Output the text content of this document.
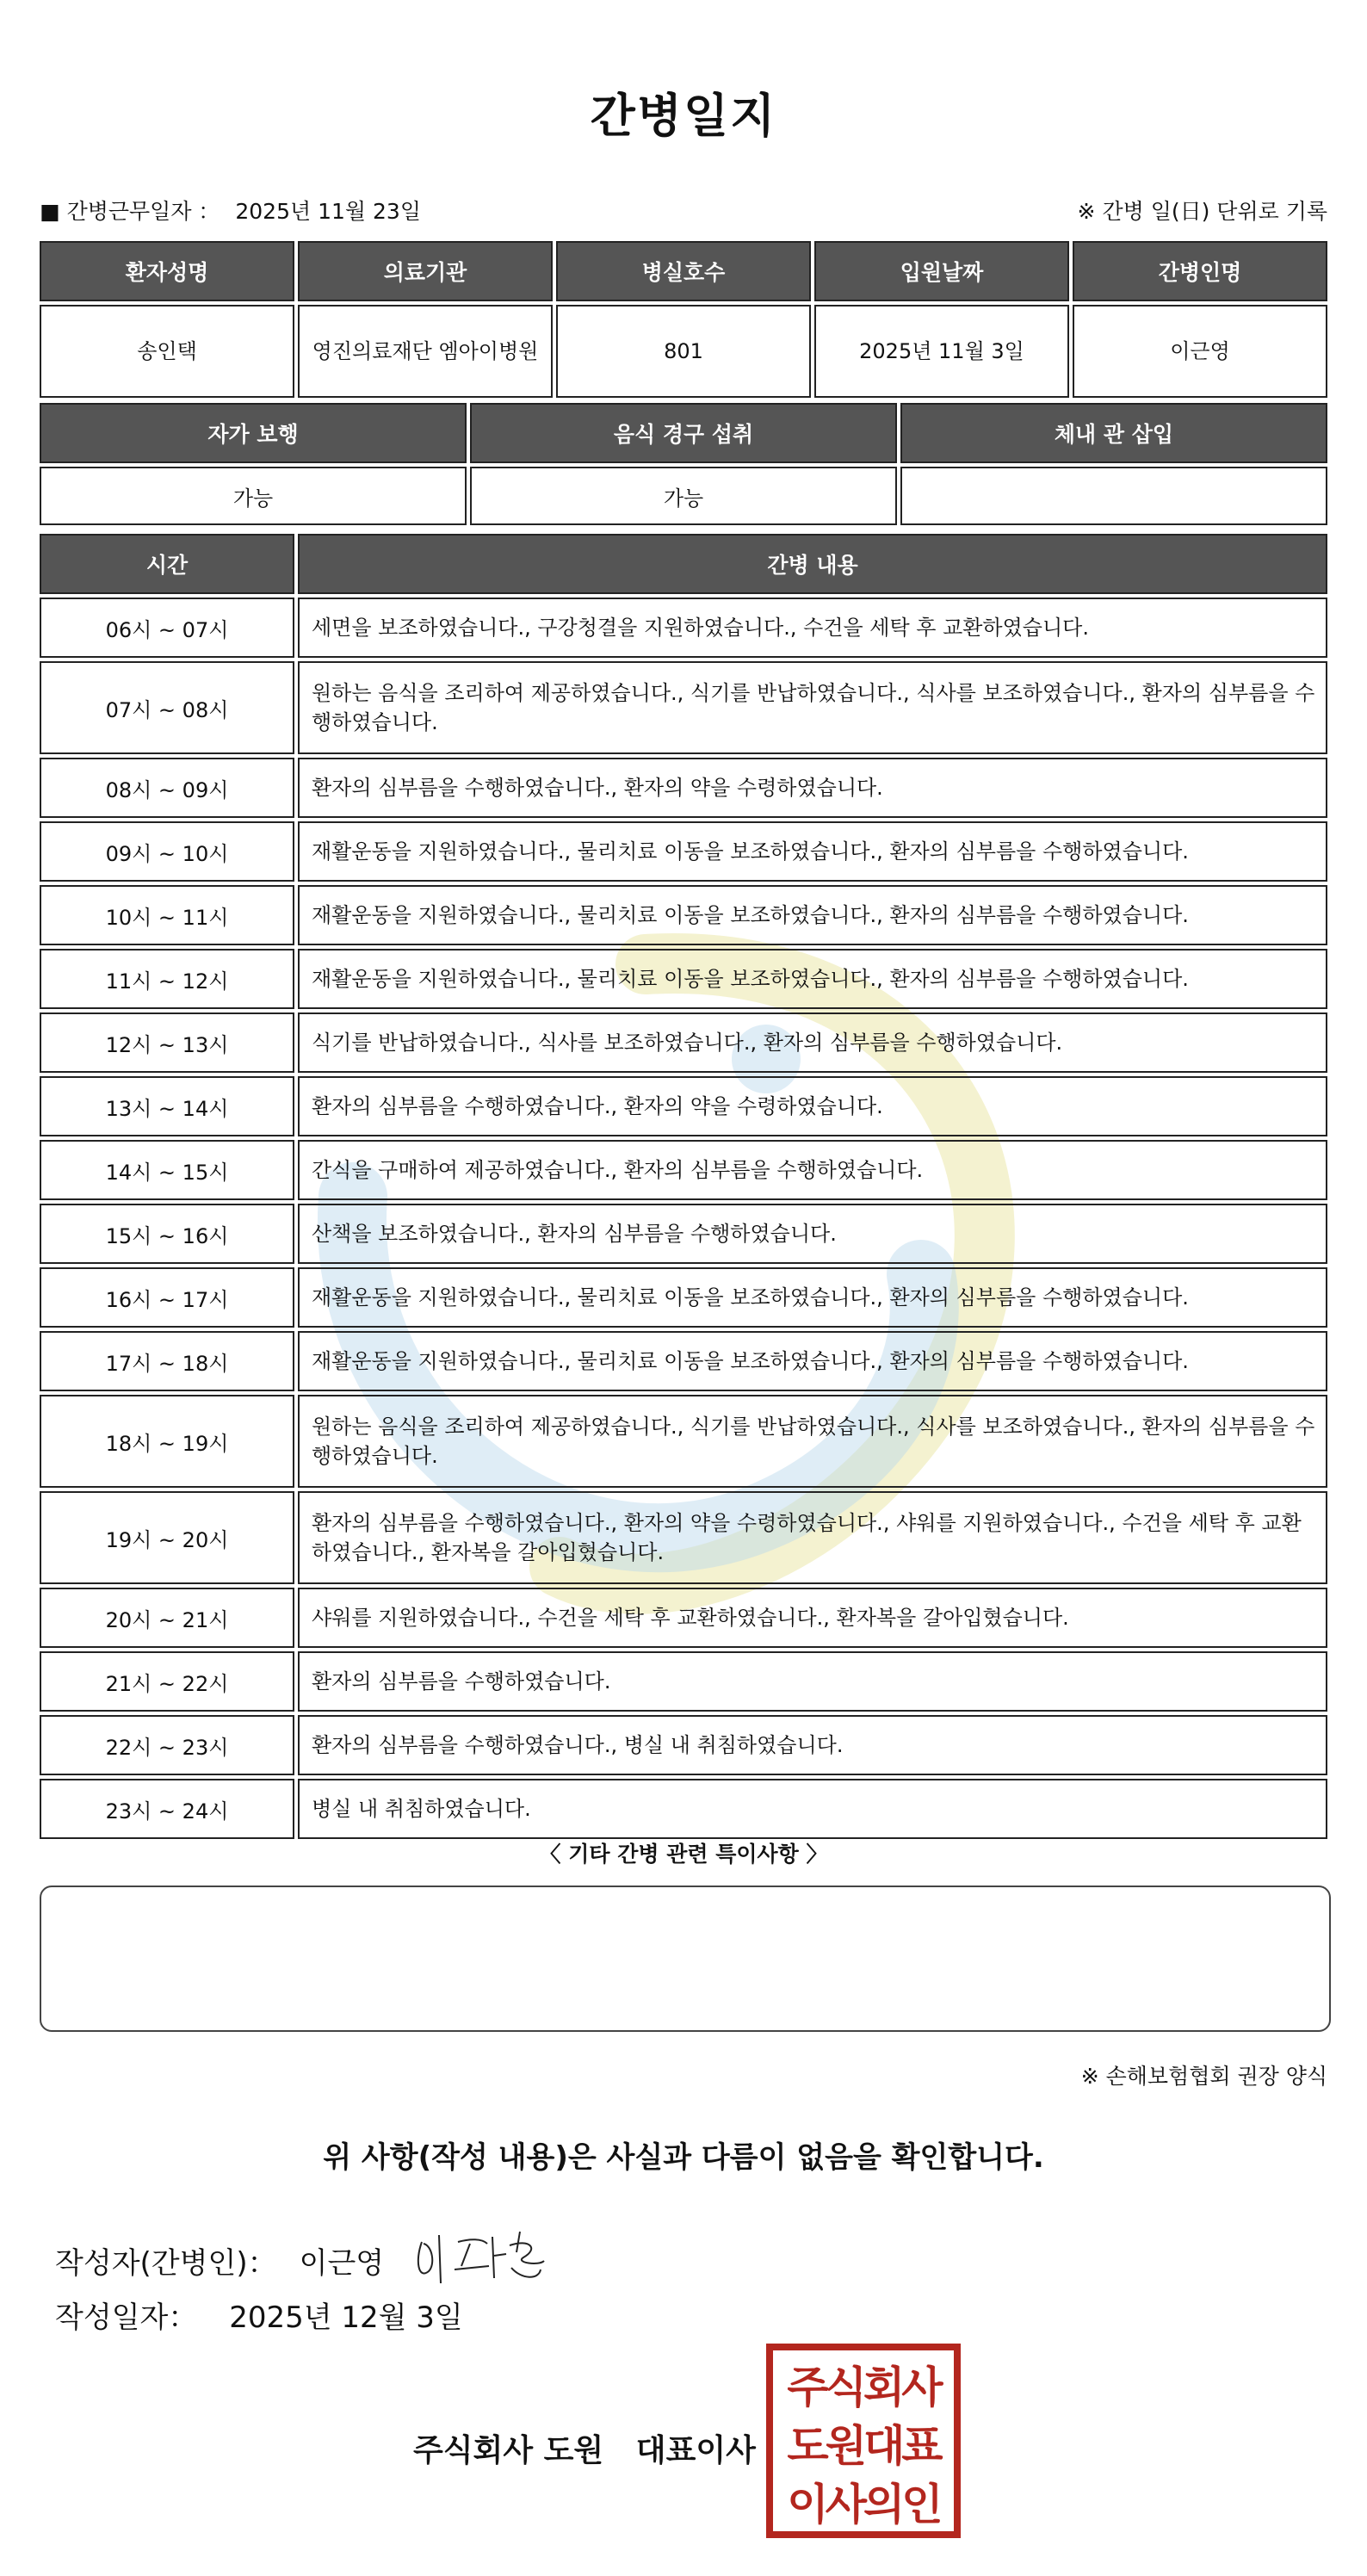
간병일지
■ 간병근무일자 ： 2025년 11월 23일	※ 간병 일(日) 단위로 기록
환자성명	의료기관	병실호수	입원날짜	간병인명
송인택	영진의료재단 엠아이병원	801	2025년 11월 3일	이근영
자가 보행	음식 경구 섭취	체내 관 삽입
가능	가능	
시간	간병 내용
06시 ~ 07시	세면을 보조하였습니다., 구강청결을 지원하였습니다., 수건을 세탁 후 교환하였습니다.
07시 ~ 08시	원하는 음식을 조리하여 제공하였습니다., 식기를 반납하였습니다., 식사를 보조하였습니다., 환자의 심부름을 수행하였습니다.
08시 ~ 09시	환자의 심부름을 수행하였습니다., 환자의 약을 수령하였습니다.
09시 ~ 10시	재활운동을 지원하였습니다., 물리치료 이동을 보조하였습니다., 환자의 심부름을 수행하였습니다.
10시 ~ 11시	재활운동을 지원하였습니다., 물리치료 이동을 보조하였습니다., 환자의 심부름을 수행하였습니다.
11시 ~ 12시	재활운동을 지원하였습니다., 물리치료 이동을 보조하였습니다., 환자의 심부름을 수행하였습니다.
12시 ~ 13시	식기를 반납하였습니다., 식사를 보조하였습니다., 환자의 심부름을 수행하였습니다.
13시 ~ 14시	환자의 심부름을 수행하였습니다., 환자의 약을 수령하였습니다.
14시 ~ 15시	간식을 구매하여 제공하였습니다., 환자의 심부름을 수행하였습니다.
15시 ~ 16시	산책을 보조하였습니다., 환자의 심부름을 수행하였습니다.
16시 ~ 17시	재활운동을 지원하였습니다., 물리치료 이동을 보조하였습니다., 환자의 심부름을 수행하였습니다.
17시 ~ 18시	재활운동을 지원하였습니다., 물리치료 이동을 보조하였습니다., 환자의 심부름을 수행하였습니다.
18시 ~ 19시	원하는 음식을 조리하여 제공하였습니다., 식기를 반납하였습니다., 식사를 보조하였습니다., 환자의 심부름을 수행하였습니다.
19시 ~ 20시	환자의 심부름을 수행하였습니다., 환자의 약을 수령하였습니다., 샤워를 지원하였습니다., 수건을 세탁 후 교환하였습니다., 환자복을 갈아입혔습니다.
20시 ~ 21시	샤워를 지원하였습니다., 수건을 세탁 후 교환하였습니다., 환자복을 갈아입혔습니다.
21시 ~ 22시	환자의 심부름을 수행하였습니다.
22시 ~ 23시	환자의 심부름을 수행하였습니다., 병실 내 취침하였습니다.
23시 ~ 24시	병실 내 취침하였습니다.
〈 기타 간병 관련 특이사항 〉
※ 손해보험협회 권장 양식
위 사항(작성 내용)은 사실과 다름이 없음을 확인합니다.
작성자(간병인)： 이근영
작성일자： 2025년 12월 3일
주식회사 도원   대표이사
주식회사
도원대표
이사의인
